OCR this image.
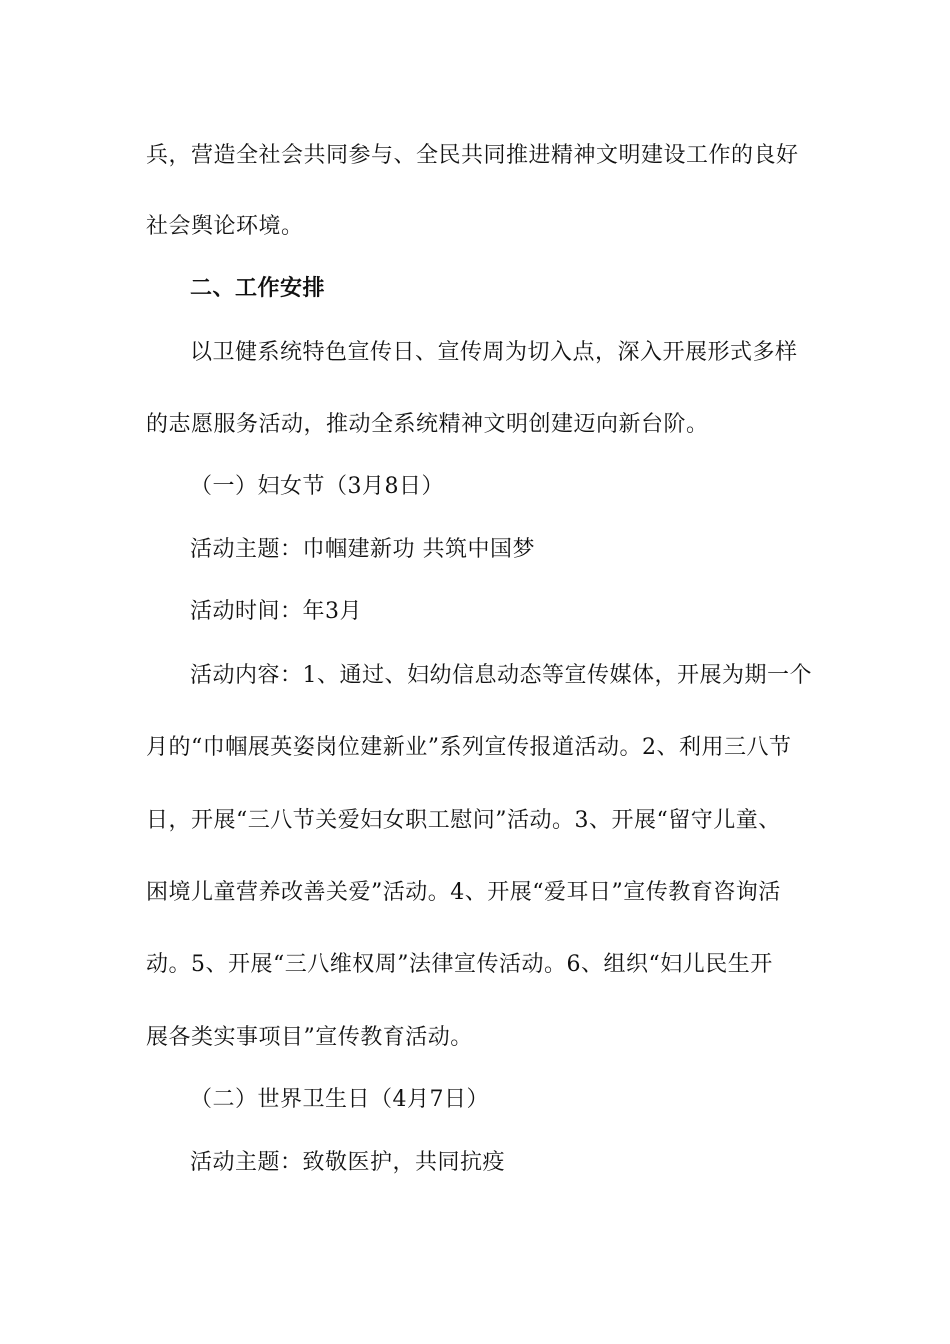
兵，营造全社会共同参与、全民共同推进精神文明建设工作的良好
社会舆论环境。
二、工作安排
以卫健系统特色宣传日、宣传周为切入点，深入开展形式多样
的志愿服务活动，推动全系统精神文明创建迈向新台阶。
（一）妇女节（3月8日）
活动主题：巾帼建新功 共筑中国梦
活动时间：年3月
活动内容：1、通过、妇幼信息动态等宣传媒体，开展为期一个
月的“巾帼展英姿岗位建新业”系列宣传报道活动。2、利用三八节
日，开展“三八节关爱妇女职工慰问”活动。3、开展“留守儿童、
困境儿童营养改善关爱”活动。4、开展“爱耳日”宣传教育咨询活
动。5、开展“三八维权周”法律宣传活动。6、组织“妇儿民生开
展各类实事项目”宣传教育活动。
（二）世界卫生日（4月7日）
活动主题：致敬医护，共同抗疫
